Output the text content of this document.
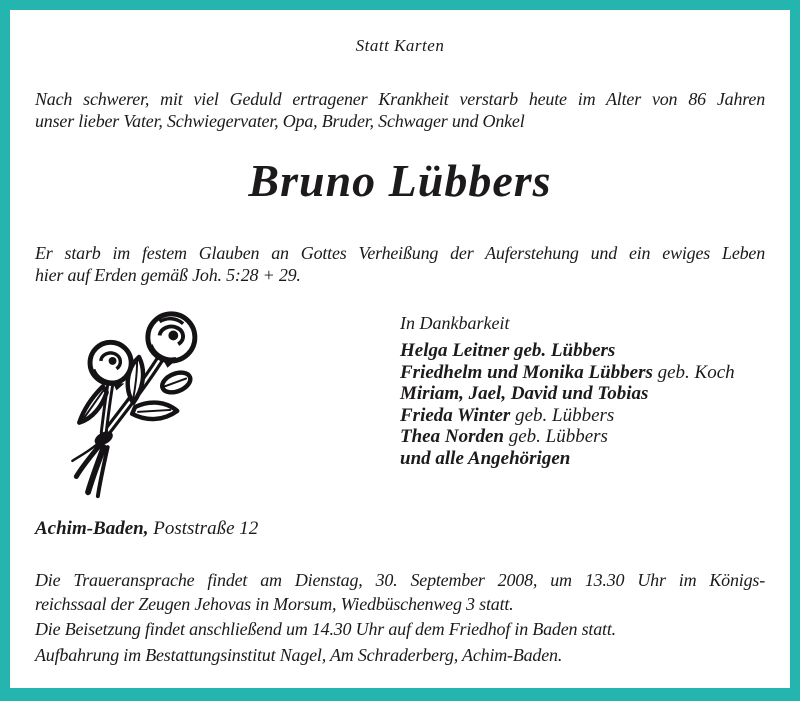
Statt Karten
Nach schwerer, mit viel Geduld ertragener Krankheit verstarb heute im Alter von 86 Jahren
unser lieber Vater, Schwiegervater, Opa, Bruder, Schwager und Onkel
Bruno Lübbers
Er starb im festem Glauben an Gottes Verheißung der Auferstehung und ein ewiges Leben
hier auf Erden gemäß Joh. 5:28 + 29.
In Dankbarkeit
Helga Leitner geb. Lübbers
Friedhelm und Monika Lübbers geb. Koch
Miriam, Jael, David und Tobias
Frieda Winter geb. Lübbers
Thea Norden geb. Lübbers
und alle Angehörigen
Achim-Baden, Poststraße 12
Die Traueransprache findet am Dienstag, 30. September 2008, um 13.30 Uhr im Königs-
reichssaal der Zeugen Jehovas in Morsum, Wiedbüschenweg 3 statt.
Die Beisetzung findet anschließend um 14.30 Uhr auf dem Friedhof in Baden statt.
Aufbahrung im Bestattungsinstitut Nagel, Am Schraderberg, Achim-Baden.
